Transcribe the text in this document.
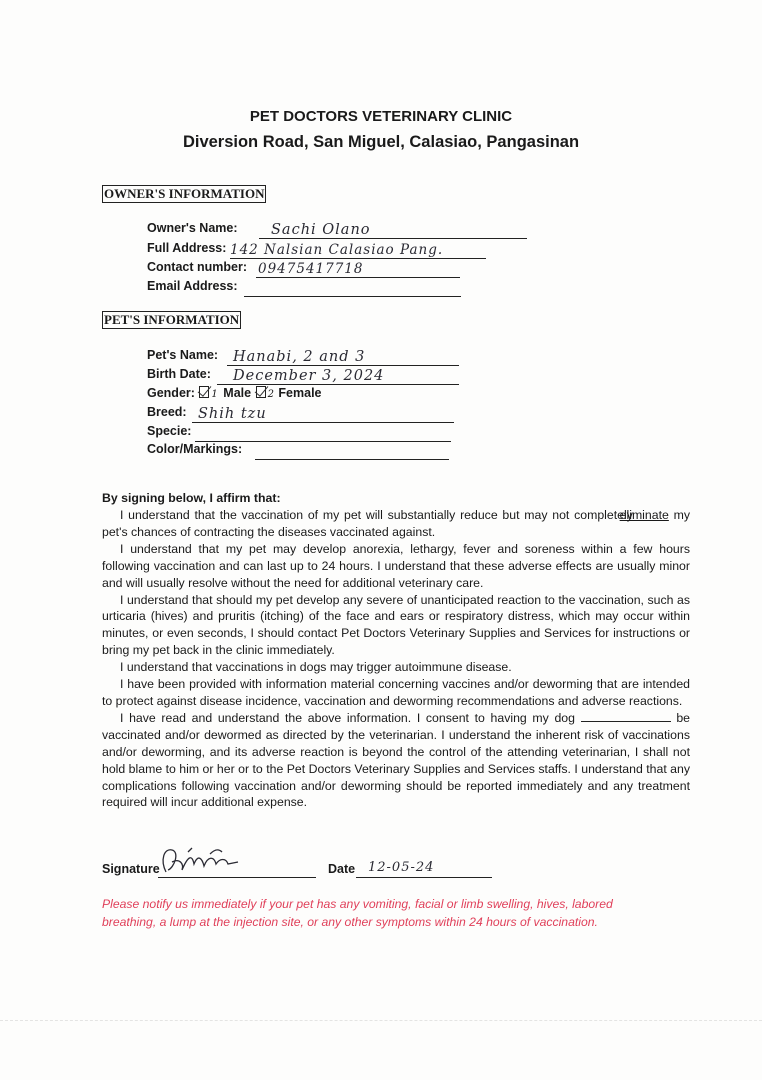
PET DOCTORS VETERINARY CLINIC
Diversion Road, San Miguel, Calasiao, Pangasinan
OWNER'S INFORMATION
Owner's Name: Sachi Olano
Full Address: 142 Nalsian Calasiao Pang.
Contact number: 09475417718
Email Address:
PET'S INFORMATION
Pet's Name: Hanabi, 2 and 3
Birth Date: December 3, 2024
Gender: 1 Male 2 Female
Breed: Shih tzu
Specie:
Color/Markings:
By signing below, I affirm that:

I understand that the vaccination of my pet will substantially reduce but may not completely eliminate my pet's chances of contracting the diseases vaccinated against.

I understand that my pet may develop anorexia, lethargy, fever and soreness within a few hours following vaccination and can last up to 24 hours. I understand that these adverse effects are usually minor and will usually resolve without the need for additional veterinary care.

I understand that should my pet develop any severe of unanticipated reaction to the vaccination, such as urticaria (hives) and pruritis (itching) of the face and ears or respiratory distress, which may occur within minutes, or even seconds, I should contact Pet Doctors Veterinary Supplies and Services for instructions or bring my pet back in the clinic immediately.

I understand that vaccinations in dogs may trigger autoimmune disease.

I have been provided with information material concerning vaccines and/or deworming that are intended to protect against disease incidence, vaccination and deworming recommendations and adverse reactions.

I have read and understand the above information. I consent to having my dog	be vaccinated and/or dewormed as directed by the veterinarian. I understand the inherent risk of vaccinations and/or deworming, and its adverse reaction is beyond the control of the attending veterinarian, I shall not hold blame to him or her or to the Pet Doctors Veterinary Supplies and Services staffs. I understand that any complications following vaccination and/or deworming should be reported immediately and any treatment required will incur additional expense.

Signature	Date 12-05-24
Please notify us immediately if your pet has any vomiting, facial or limb swelling, hives, labored breathing, a lump at the injection site, or any other symptoms within 24 hours of vaccination.
